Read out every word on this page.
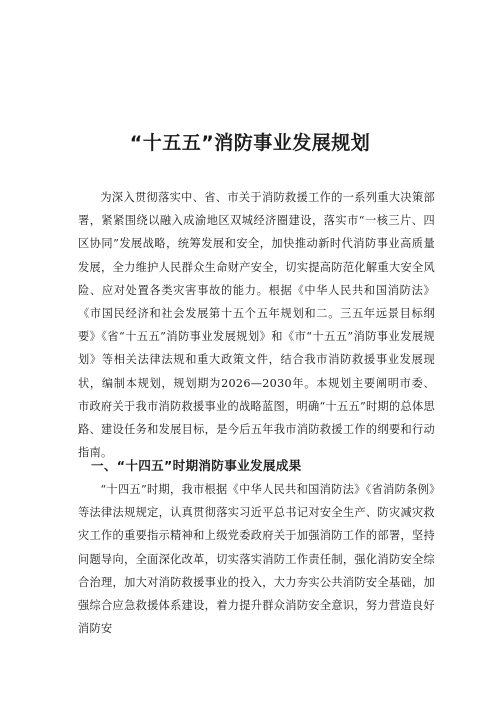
“十五五”消防事业发展规划

为深入贯彻落实中、省、市关于消防救援工作的一系列重大决策部署，紧紧围绕以融入成渝地区双城经济圈建设，落实市“一核三片、四区协同”发展战略，统筹发展和安全，加快推动新时代消防事业高质量发展，全力维护人民群众生命财产安全，切实提高防范化解重大安全风险、应对处置各类灾害事故的能力。根据《中华人民共和国消防法》《市国民经济和社会发展第十五个五年规划和二。三五年远景目标纲要》《省“十五五”消防事业发展规划》和《市“十五五”消防事业发展规划》等相关法律法规和重大政策文件，结合我市消防救援事业发展现状，编制本规划，规划期为2026—2030年。本规划主要阐明市委、市政府关于我市消防救援事业的战略蓝图，明确“十五五”时期的总体思路、建设任务和发展目标，是今后五年我市消防救援工作的纲要和行动指南。

一、“十四五”时期消防事业发展成果

“十四五”时期，我市根据《中华人民共和国消防法》《省消防条例》等法律法规规定，认真贯彻落实习近平总书记对安全生产、防灾减灾救灾工作的重要指示精神和上级党委政府关于加强消防工作的部署，坚持问题导向，全面深化改革，切实落实消防工作责任制，强化消防安全综合治理，加大对消防救援事业的投入，大力夯实公共消防安全基础，加强综合应急救援体系建设，着力提升群众消防安全意识，努力营造良好消防安
